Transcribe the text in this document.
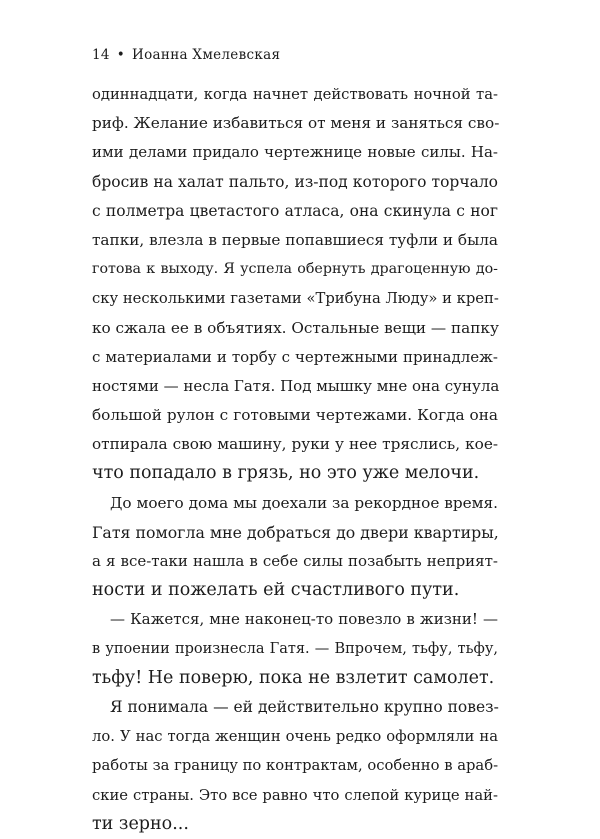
14 • Иоанна Хмелевская
одиннадцати, когда начнет действовать ночной та-
риф. Желание избавиться от меня и заняться сво-
ими делами придало чертежнице новые силы. На-
бросив на халат пальто, из-под которого торчало
с полметра цветастого атласа, она скинула с ног
тапки, влезла в первые попавшиеся туфли и была
готова к выходу. Я успела обернуть драгоценную до-
ску несколькими газетами «Трибуна Люду» и креп-
ко сжала ее в объятиях. Остальные вещи — папку
с материалами и торбу с чертежными принадлеж-
ностями — несла Гатя. Под мышку мне она сунула
большой рулон с готовыми чертежами. Когда она
отпирала свою машину, руки у нее тряслись, кое-
что попадало в грязь, но это уже мелочи.
До моего дома мы доехали за рекордное время.
Гатя помогла мне добраться до двери квартиры,
а я все-таки нашла в себе силы позабыть неприят-
ности и пожелать ей счастливого пути.
— Кажется, мне наконец-то повезло в жизни! —
в упоении произнесла Гатя. — Впрочем, тьфу, тьфу,
тьфу! Не поверю, пока не взлетит самолет.
Я понимала — ей действительно крупно повез-
ло. У нас тогда женщин очень редко оформляли на
работы за границу по контрактам, особенно в араб-
ские страны. Это все равно что слепой курице най-
ти зерно...
